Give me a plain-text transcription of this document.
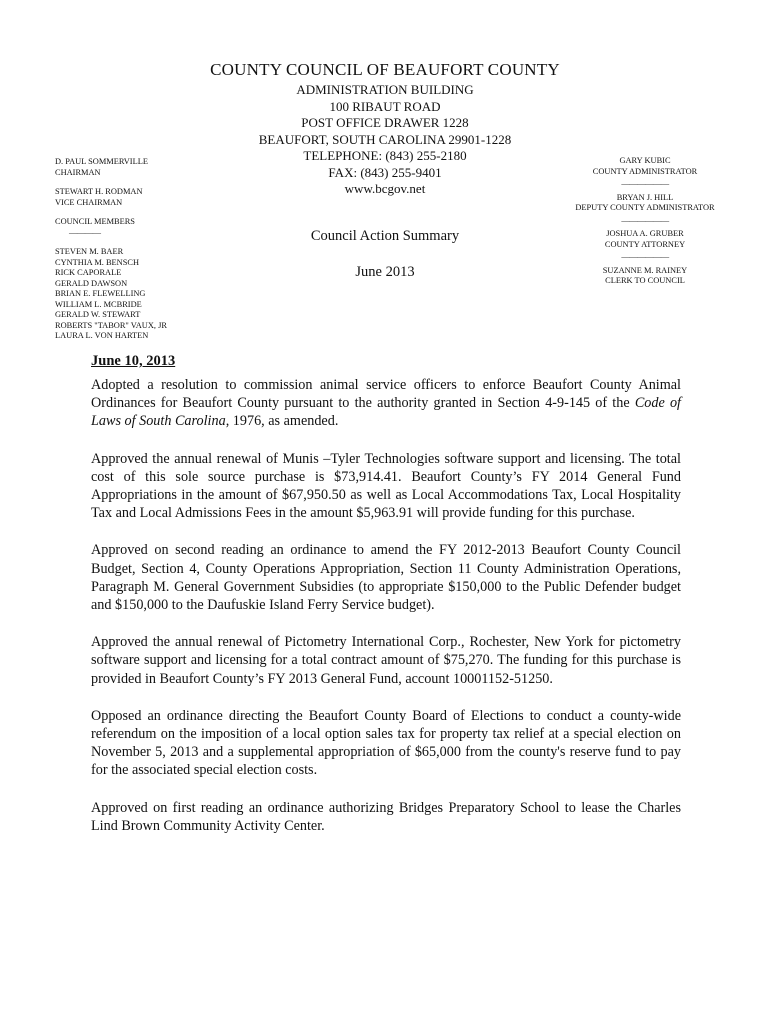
COUNTY COUNCIL OF BEAUFORT COUNTY
ADMINISTRATION BUILDING
100 RIBAUT ROAD
POST OFFICE DRAWER 1228
BEAUFORT, SOUTH CAROLINA 29901-1228
TELEPHONE: (843) 255-2180
FAX: (843) 255-9401
www.bcgov.net
D. PAUL SOMMERVILLE
CHAIRMAN
STEWART H. RODMAN
VICE CHAIRMAN
COUNCIL MEMBERS
————
STEVEN M. BAER
CYNTHIA M. BENSCH
RICK CAPORALE
GERALD DAWSON
BRIAN E. FLEWELLING
WILLIAM L. MCBRIDE
GERALD W. STEWART
ROBERTS "TABOR" VAUX, JR
LAURA L. VON HARTEN
GARY KUBIC
COUNTY ADMINISTRATOR
——————
BRYAN J. HILL
DEPUTY COUNTY ADMINISTRATOR
——————
JOSHUA A. GRUBER
COUNTY ATTORNEY
——————
SUZANNE M. RAINEY
CLERK TO COUNCIL
Council Action Summary
June 2013
June 10, 2013

Adopted a resolution to commission animal service officers to enforce Beaufort County Animal Ordinances for Beaufort County pursuant to the authority granted in Section 4-9-145 of the Code of Laws of South Carolina, 1976, as amended.

Approved the annual renewal of Munis –Tyler Technologies software support and licensing. The total cost of this sole source purchase is $73,914.41. Beaufort County’s FY 2014 General Fund Appropriations in the amount of $67,950.50 as well as Local Accommodations Tax, Local Hospitality Tax and Local Admissions Fees in the amount $5,963.91 will provide funding for this purchase.

Approved on second reading an ordinance to amend the FY 2012-2013 Beaufort County Council Budget, Section 4, County Operations Appropriation, Section 11 County Administration Operations, Paragraph M. General Government Subsidies (to appropriate $150,000 to the Public Defender budget and $150,000 to the Daufuskie Island Ferry Service budget).

Approved the annual renewal of Pictometry International Corp., Rochester, New York for pictometry software support and licensing for a total contract amount of $75,270. The funding for this purchase is provided in Beaufort County’s FY 2013 General Fund, account 10001152-51250.

Opposed an ordinance directing the Beaufort County Board of Elections to conduct a county-wide referendum on the imposition of a local option sales tax for property tax relief at a special election on November 5, 2013 and a supplemental appropriation of $65,000 from the county's reserve fund to pay for the associated special election costs.

Approved on first reading an ordinance authorizing Bridges Preparatory School to lease the Charles Lind Brown Community Activity Center.
